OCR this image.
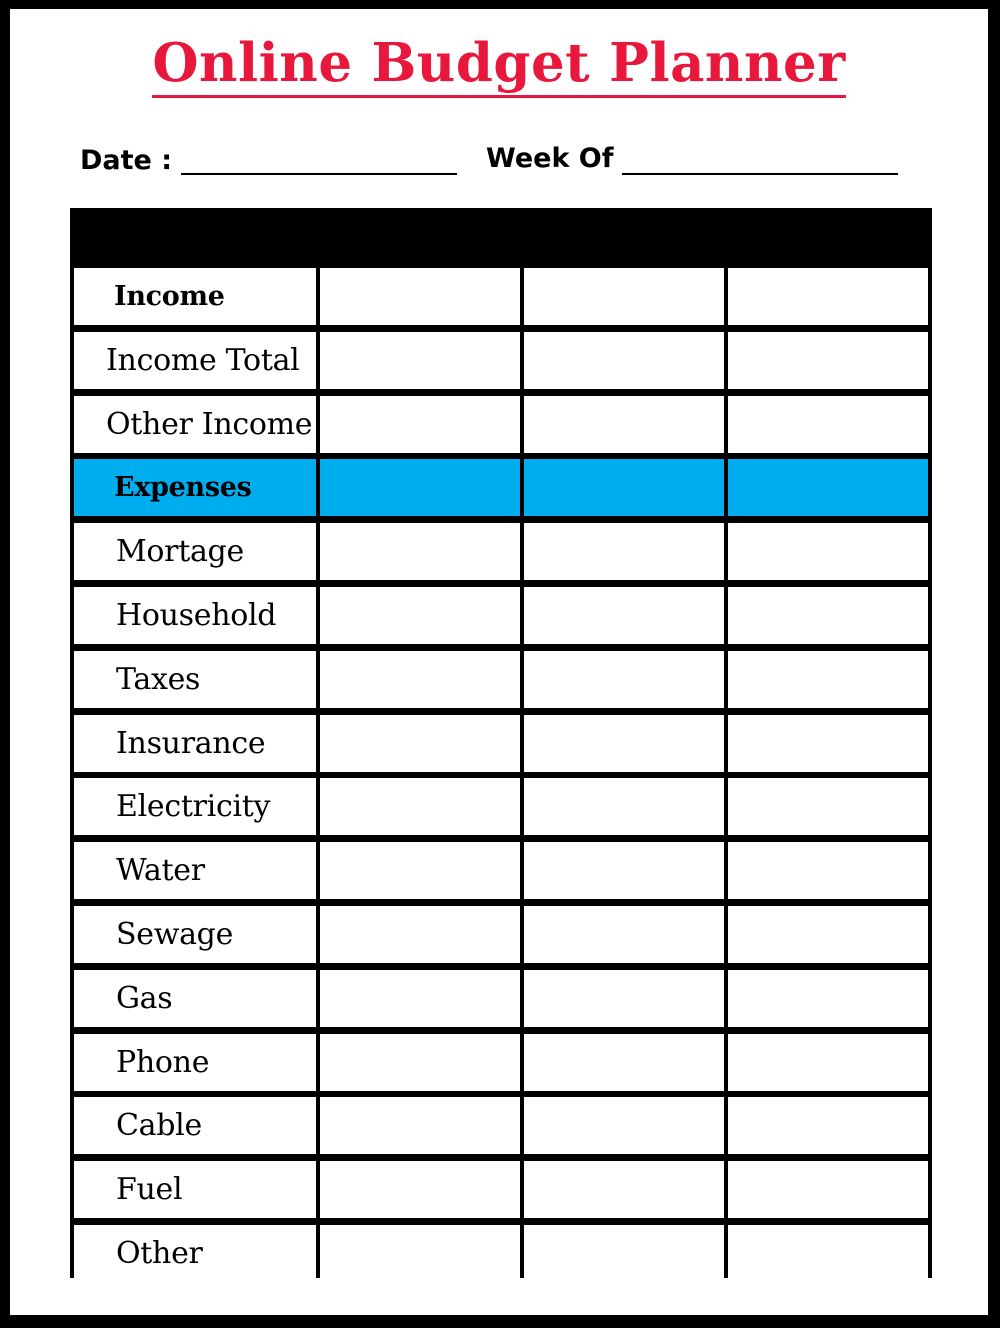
Online Budget Planner
Date :	Week Of
Income
Income Total
Other Income
Expenses
Mortage
Household
Taxes
Insurance
Electricity
Water
Sewage
Gas
Phone
Cable
Fuel
Other
